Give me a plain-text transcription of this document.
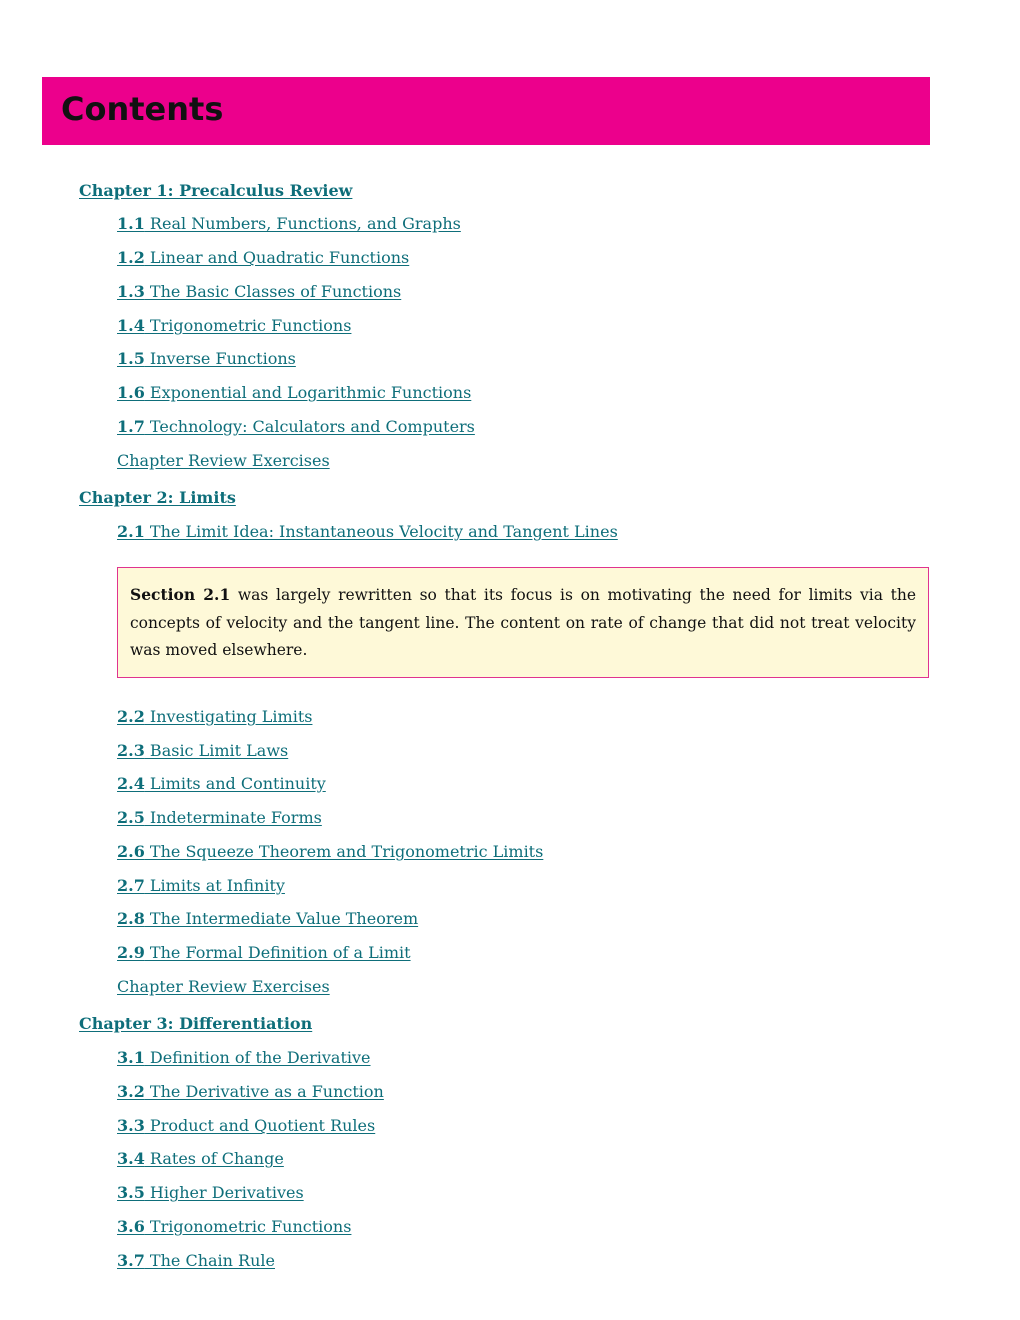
Contents
Chapter 1: Precalculus Review
1.1 Real Numbers, Functions, and Graphs
1.2 Linear and Quadratic Functions
1.3 The Basic Classes of Functions
1.4 Trigonometric Functions
1.5 Inverse Functions
1.6 Exponential and Logarithmic Functions
1.7 Technology: Calculators and Computers
Chapter Review Exercises
Chapter 2: Limits
2.1 The Limit Idea: Instantaneous Velocity and Tangent Lines
Section 2.1 was largely rewritten so that its focus is on motivating the need for limits via the concepts of velocity and the tangent line. The content on rate of change that did not treat velocity was moved elsewhere.
2.2 Investigating Limits
2.3 Basic Limit Laws
2.4 Limits and Continuity
2.5 Indeterminate Forms
2.6 The Squeeze Theorem and Trigonometric Limits
2.7 Limits at Infinity
2.8 The Intermediate Value Theorem
2.9 The Formal Definition of a Limit
Chapter Review Exercises
Chapter 3: Differentiation
3.1 Definition of the Derivative
3.2 The Derivative as a Function
3.3 Product and Quotient Rules
3.4 Rates of Change
3.5 Higher Derivatives
3.6 Trigonometric Functions
3.7 The Chain Rule
